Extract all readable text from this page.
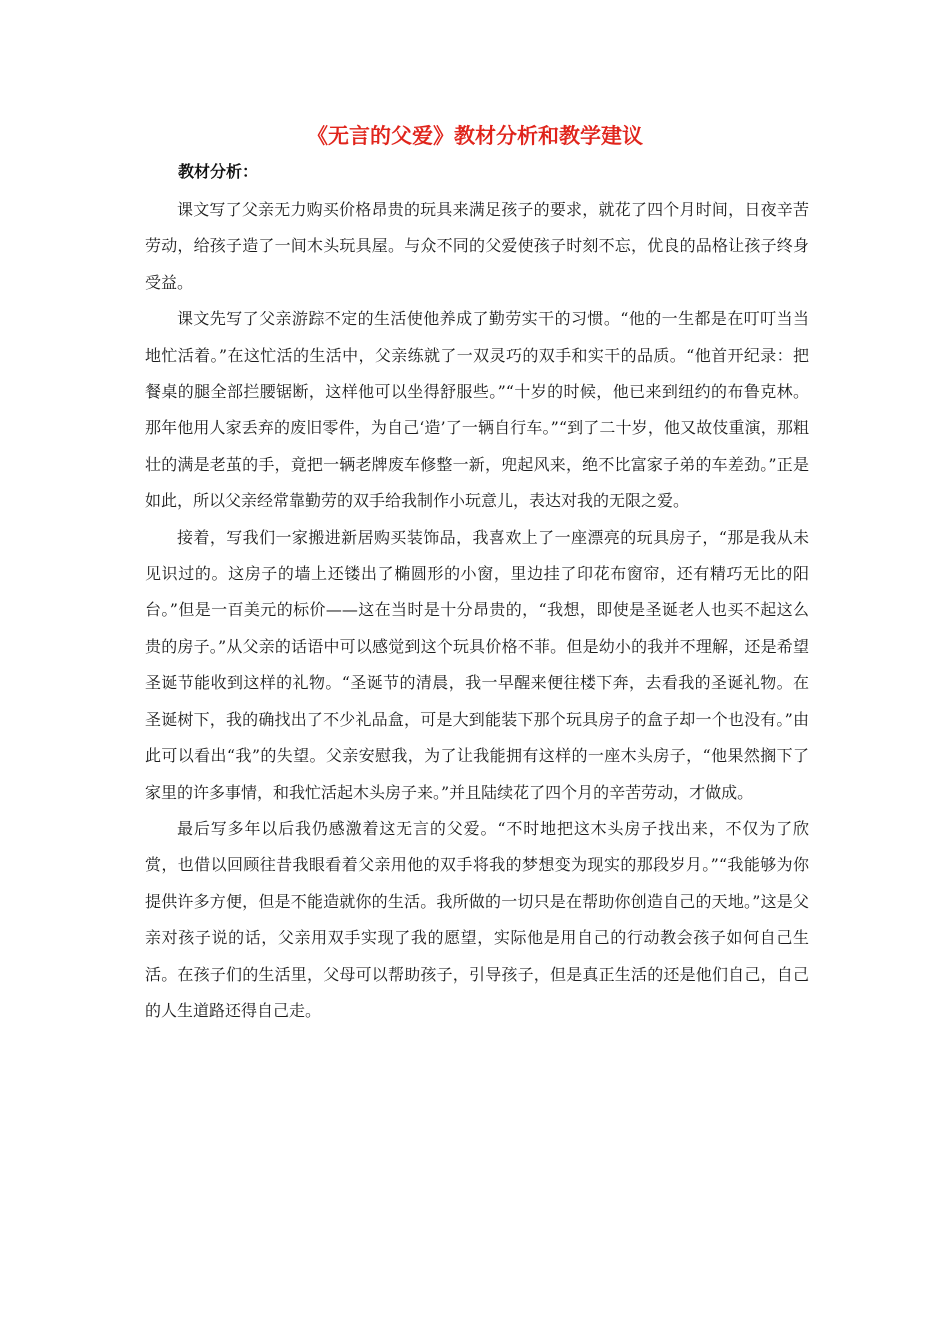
《无言的父爱》教材分析和教学建议
教材分析：

课文写了父亲无力购买价格昂贵的玩具来满足孩子的要求，就花了四个月时间，日夜辛苦劳动，给孩子造了一间木头玩具屋。与众不同的父爱使孩子时刻不忘，优良的品格让孩子终身受益。

课文先写了父亲游踪不定的生活使他养成了勤劳实干的习惯。“他的一生都是在叮叮当当地忙活着。”在这忙活的生活中，父亲练就了一双灵巧的双手和实干的品质。“他首开纪录：把餐桌的腿全部拦腰锯断，这样他可以坐得舒服些。”“十岁的时候，他已来到纽约的布鲁克林。那年他用人家丢弃的废旧零件，为自己‘造’了一辆自行车。”“到了二十岁，他又故伎重演，那粗壮的满是老茧的手，竟把一辆老牌废车修整一新，兜起风来，绝不比富家子弟的车差劲。”正是如此，所以父亲经常靠勤劳的双手给我制作小玩意儿，表达对我的无限之爱。

接着，写我们一家搬进新居购买装饰品，我喜欢上了一座漂亮的玩具房子，“那是我从未见识过的。这房子的墙上还镂出了椭圆形的小窗，里边挂了印花布窗帘，还有精巧无比的阳台。”但是一百美元的标价——这在当时是十分昂贵的，“我想，即使是圣诞老人也买不起这么贵的房子。”从父亲的话语中可以感觉到这个玩具价格不菲。但是幼小的我并不理解，还是希望圣诞节能收到这样的礼物。“圣诞节的清晨，我一早醒来便往楼下奔，去看我的圣诞礼物。在圣诞树下，我的确找出了不少礼品盒，可是大到能装下那个玩具房子的盒子却一个也没有。”由此可以看出“我”的失望。父亲安慰我，为了让我能拥有这样的一座木头房子，“他果然搁下了家里的许多事情，和我忙活起木头房子来。”并且陆续花了四个月的辛苦劳动，才做成。

最后写多年以后我仍感激着这无言的父爱。“不时地把这木头房子找出来，不仅为了欣赏，也借以回顾往昔我眼看着父亲用他的双手将我的梦想变为现实的那段岁月。”“我能够为你提供许多方便，但是不能造就你的生活。我所做的一切只是在帮助你创造自己的天地。”这是父亲对孩子说的话，父亲用双手实现了我的愿望，实际他是用自己的行动教会孩子如何自己生活。在孩子们的生活里，父母可以帮助孩子，引导孩子，但是真正生活的还是他们自己，自己的人生道路还得自己走。
